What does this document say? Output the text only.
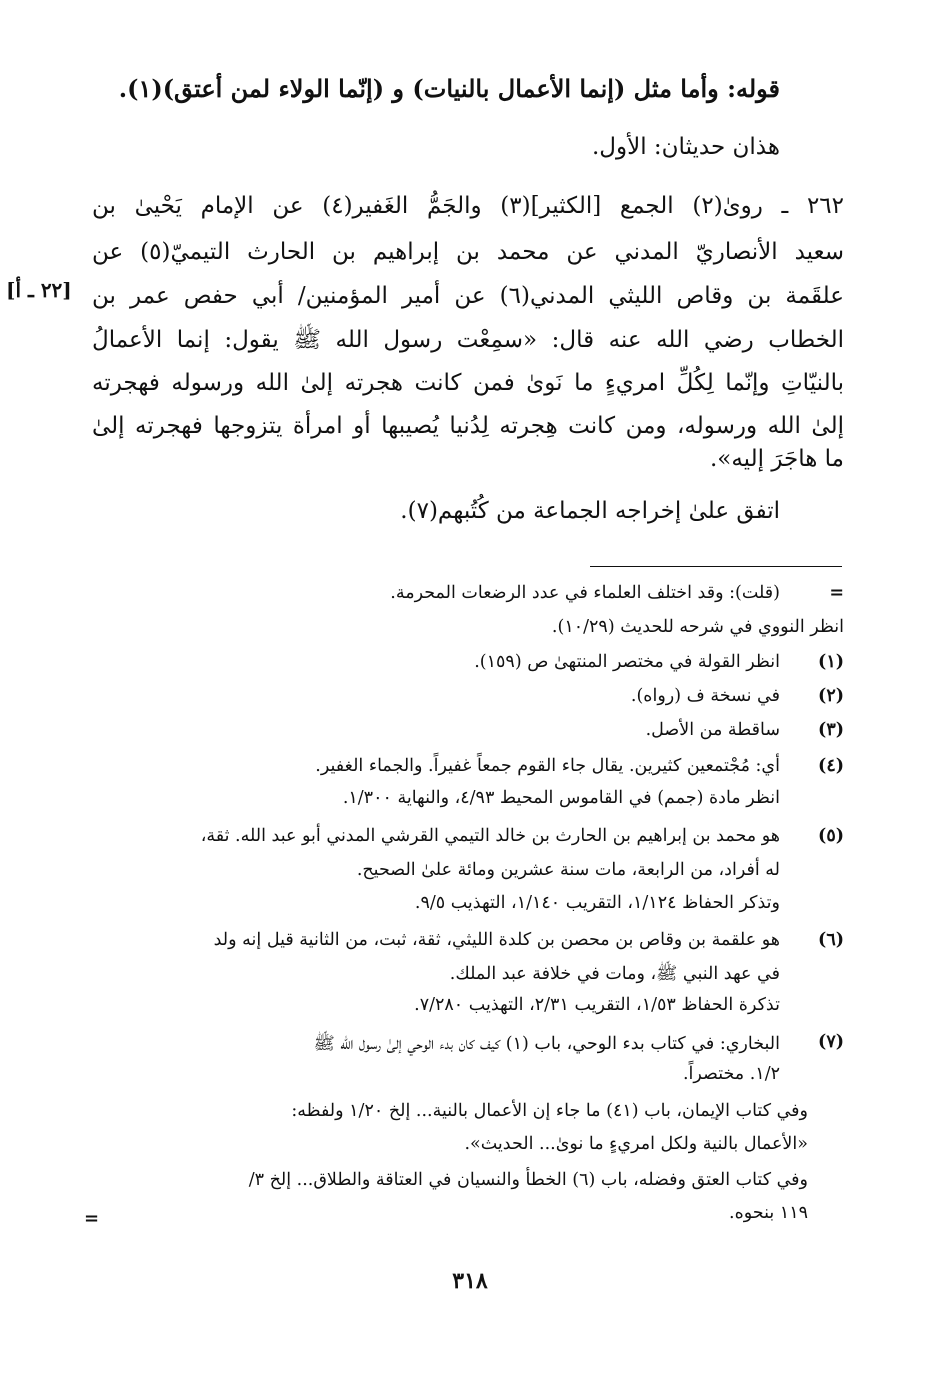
قوله: وأما مثل (إنما الأعمال بالنيات) و (إنّما الولاء لمن أعتق)(١).
هذان حديثان: الأول.
٢٦٢ ـ روىٰ(٢) الجمع [الكثير](٣) والجَمُّ الغَفير(٤) عن الإمام يَحْيىٰ بن
سعيد الأنصاريّ المدني عن محمد بن إبراهيم بن الحارث التيميّ(٥) عن
علقَمة بن وقاص الليثي المدني(٦) عن أمير المؤمنين/ أبي حفص عمر بن
الخطاب رضي الله عنه قال: «سمِعْت رسول الله ﷺ يقول: إنما الأعمالُ
بالنيّاتِ وإنّما لِكُلِّ امريءٍ ما نَوىٰ فمن كانت هجرته إلىٰ الله ورسوله فهجرته
إلىٰ الله ورسوله، ومن كانت هِجرته لِدُنيا يُصيبها أو امرأة يتزوجها فهجرته إلىٰ
ما هاجَرَ إليه».
[٢٢ ـ أ]
اتفق علىٰ إخراجه الجماعة من كُتُبهم(٧).
=
(قلت): وقد اختلف العلماء في عدد الرضعات المحرمة.
انظر النووي في شرحه للحديث (١٠/٢٩).
(١)
انظر القولة في مختصر المنتهىٰ ص (١٥٩).
(٢)
في نسخة ف (رواه).
(٣)
ساقطة من الأصل.
(٤)
أي: مُجْتمعين كثيرين. يقال جاء القوم جمعاً غفيراً. والجماء الغفير.
انظر مادة (جمم) في القاموس المحيط ٤/٩٣، والنهاية ١/٣٠٠.
(٥)
هو محمد بن إبراهيم بن الحارث بن خالد التيمي القرشي المدني أبو عبد الله. ثقة،
له أفراد، من الرابعة، مات سنة عشرين ومائة علىٰ الصحيح.
وتذكر الحفاظ ١/١٢٤، التقريب ١/١٤٠، التهذيب ٩/٥.
(٦)
هو علقمة بن وقاص بن محصن بن كلدة الليثي، ثقة، ثبت، من الثانية قيل إنه ولد
في عهد النبي ﷺ، ومات في خلافة عبد الملك.
تذكرة الحفاظ ١/٥٣، التقريب ٢/٣١، التهذيب ٧/٢٨٠.
(٧)
البخاري: في كتاب بدء الوحي، باب (١) كيف كان بدء الوحي إلىٰ رسول الله ﷺ
١/٢. مختصراً.
وفي كتاب الإيمان، باب (٤١) ما جاء إن الأعمال بالنية... إلخ ١/٢٠ ولفظه:
«الأعمال بالنية ولكل امريءٍ ما نوىٰ... الحديث».
وفي كتاب العتق وفضله، باب (٦) الخطأ والنسيان في العتاقة والطلاق... إلخ ٣/
١١٩ بنحوه.
=
٣١٨
